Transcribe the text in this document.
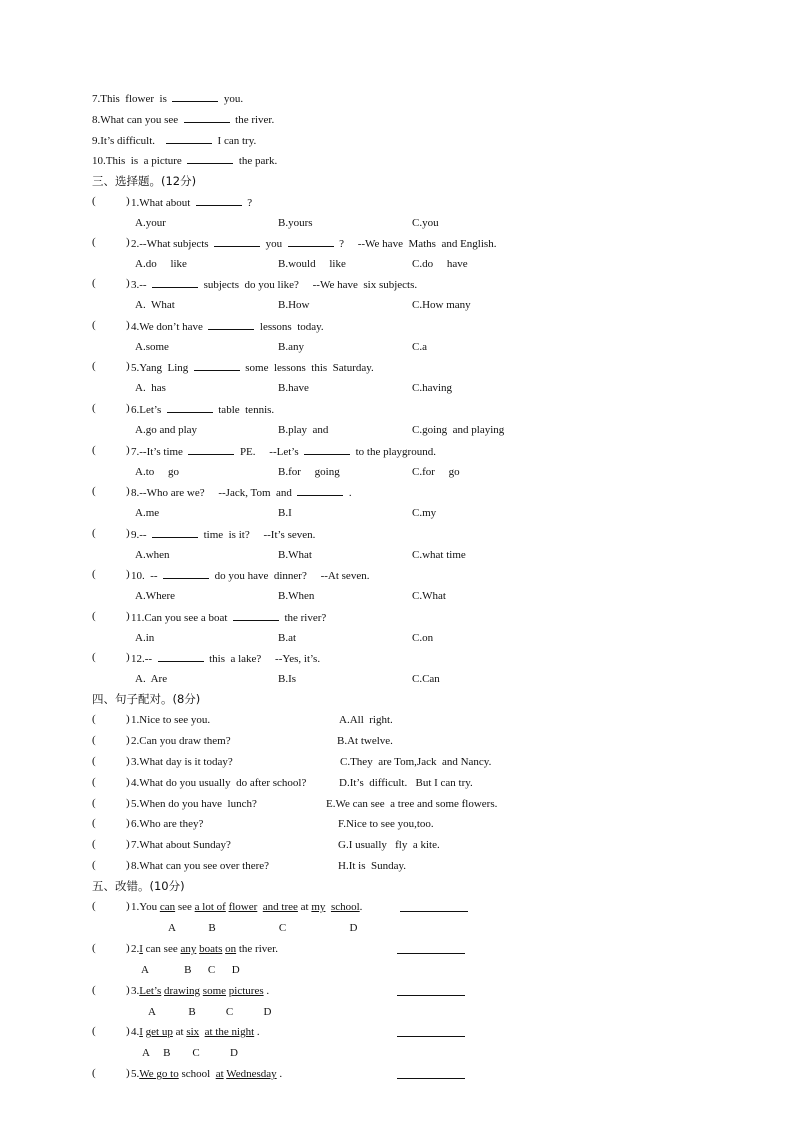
7.This  flower  is	you.
8.What can you see	the river.
9.It’s difficult.	I can try.
10.This  is  a picture	the park.
三、选择题。(12分)
(	) 1.What about	?
A.your	B.yours	C.you
(	) 2.--What subjects	you	?     --We have  Maths  and English.
A.do     like	B.would     like	C.do     have
(	) 3.--	subjects  do you like?     --We have  six subjects.
A.  What	B.How	C.How many
(	) 4.We don’t have	lessons  today.
A.some	B.any	C.a
(	) 5.Yang  Ling	some  lessons  this  Saturday.
A.  has	B.have	C.having
(	) 6.Let’s	table  tennis.
A.go and play	B.play  and	C.going  and playing
(	) 7.--It’s time	PE.     --Let’s	to the playground.
A.to     go	B.for     going	C.for     go
(	) 8.--Who are we?     --Jack, Tom  and	.
A.me	B.I	C.my
(	) 9.--	time  is it?     --It’s seven.
A.when	B.What	C.what time
(	) 10.  --	do you have  dinner?     --At seven.
A.Where	B.When	C.What
(	) 11.Can you see a boat	the river?
A.in	B.at	C.on
(	) 12.--	this  a lake?     --Yes, it’s.
A.  Are	B.Is	C.Can
四、句子配对。(8分)
(	) 1.Nice to see you.	A.All  right.
(	) 2.Can you draw them?	B.At twelve.
(	) 3.What day is it today?	C.They  are Tom,Jack  and Nancy.
(	) 4.What do you usually  do after school?	D.It’s  difficult.   But I can try.
(	) 5.When do you have  lunch?	E.We can see  a tree and some flowers.
(	) 6.Who are they?	F.Nice to see you,too.
(	) 7.What about Sunday?	G.I usually   fly  a kite.
(	) 8.What can you see over there?	H.It is  Sunday.
五、改错。(10分)
(	) 1.You can see a lot of flower and tree at my school.
A            B                       C                       D
(	) 2.I can see any boats on the river.
A             B      C      D
(	) 3.Let’s drawing some pictures .
A            B           C           D
(	) 4.I get up at six at the night .
A     B        C           D
(	) 5.We go to school  at Wednesday .
